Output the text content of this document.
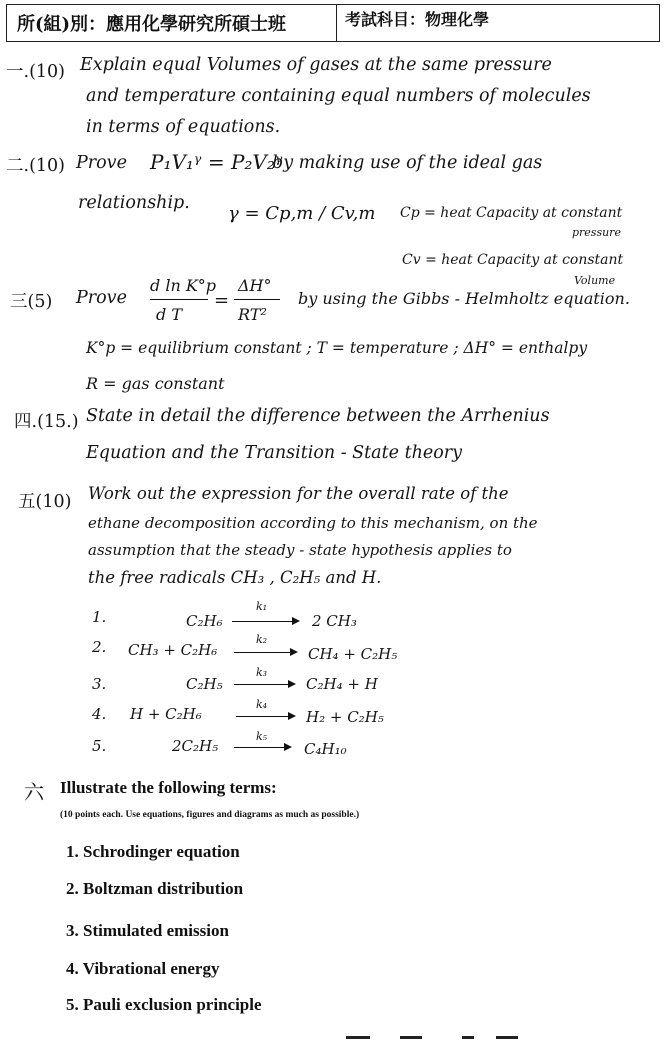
所(組)別：應用化學研究所碩士班	考試科目：物理化學
一.(10) Explain equal Volumes of gases at the same pressure
and temperature containing equal numbers of molecules
in terms of equations.
二.(10) Prove P₁V₁ᵞ = P₂V₂ᵞ
by making use of the ideal gas
relationship. γ = Cp,m / Cv,m Cp = heat Capacity at constant
pressure
Cv = heat Capacity at constant
Volume
三(5) Prove
d ln K°p
d T
=
ΔH°
RT²
by using the Gibbs - Helmholtz equation.
K°p = equilibrium constant ; T = temperature ; ΔH° = enthalpy
R = gas constant
四.(15.) State in detail the difference between the Arrhenius
Equation and the Transition - State theory
五(10) Work out the expression for the overall rate of the
ethane decomposition according to this mechanism, on the
assumption that the steady - state hypothesis applies to
the free radicals CH₃ , C₂H₅ and H.
1.	C₂H₆
k₁
2 CH₃
2. CH₃ + C₂H₆
k₂
→ CH₄ + C₂H₅
3.	C₂H₅
k₃
→ C₂H₄ + H
4. H + C₂H₆
k₄
→ H₂ + C₂H₅
5.	2C₂H₅
k₅
→ C₄H₁₀
六 Illustrate the following terms:
(10 points each. Use equations, figures and diagrams as much as possible.)
1. Schrodinger equation
2. Boltzman distribution
3. Stimulated emission
4. Vibrational energy
5. Pauli exclusion principle
